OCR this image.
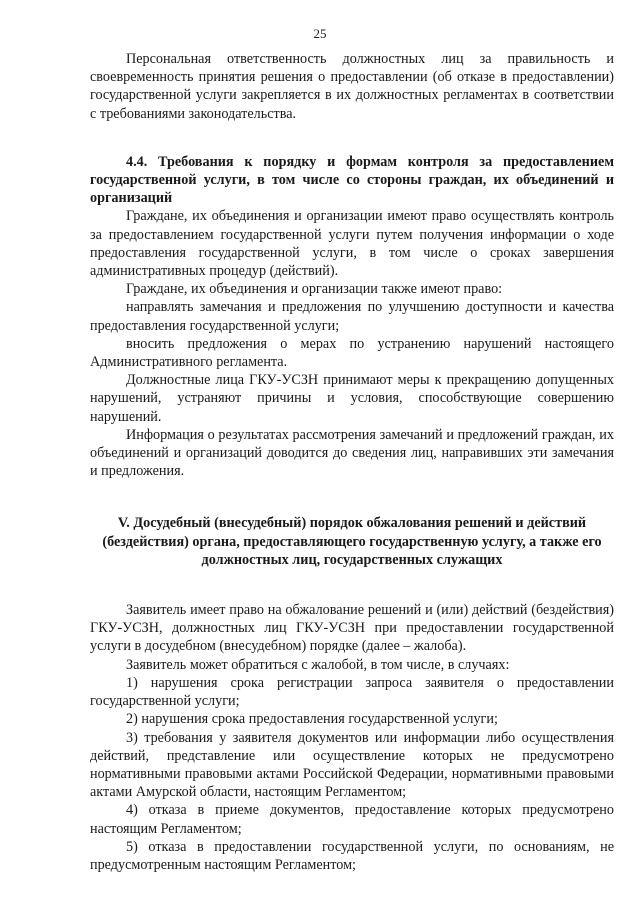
25

Персональная ответственность должностных лиц за правильность и своевременность принятия решения о предоставлении (об отказе в предоставлении) государственной услуги закрепляется в их должностных регламентах в соответствии с требованиями законодательства.

4.4. Требования к порядку и формам контроля за предоставлением государственной услуги, в том числе со стороны граждан, их объединений и организаций

Граждане, их объединения и организации имеют право осуществлять контроль за предоставлением государственной услуги путем получения информации о ходе предоставления государственной услуги, в том числе о сроках завершения административных процедур (действий).

Граждане, их объединения и организации также имеют право:

направлять замечания и предложения по улучшению доступности и качества предоставления государственной услуги;

вносить предложения о мерах по устранению нарушений настоящего Административного регламента.

Должностные лица ГКУ-УСЗН принимают меры к прекращению допущенных нарушений, устраняют причины и условия, способствующие совершению нарушений.

Информация о результатах рассмотрения замечаний и предложений граждан, их объединений и организаций доводится до сведения лиц, направивших эти замечания и предложения.

V. Досудебный (внесудебный) порядок обжалования решений и действий (бездействия) органа, предоставляющего государственную услугу, а также его должностных лиц, государственных служащих

Заявитель имеет право на обжалование решений и (или) действий (бездействия) ГКУ-УСЗН, должностных лиц ГКУ-УСЗН при предоставлении государственной услуги в досудебном (внесудебном) порядке (далее – жалоба).

Заявитель может обратиться с жалобой, в том числе, в случаях:

1) нарушения срока регистрации запроса заявителя о предоставлении государственной услуги;

2) нарушения срока предоставления государственной услуги;

3) требования у заявителя документов или информации либо осуществления действий, представление или осуществление которых не предусмотрено нормативными правовыми актами Российской Федерации, нормативными правовыми актами Амурской области, настоящим Регламентом;

4) отказа в приеме документов, предоставление которых предусмотрено настоящим Регламентом;

5) отказа в предоставлении государственной услуги, по основаниям, не предусмотренным настоящим Регламентом;
